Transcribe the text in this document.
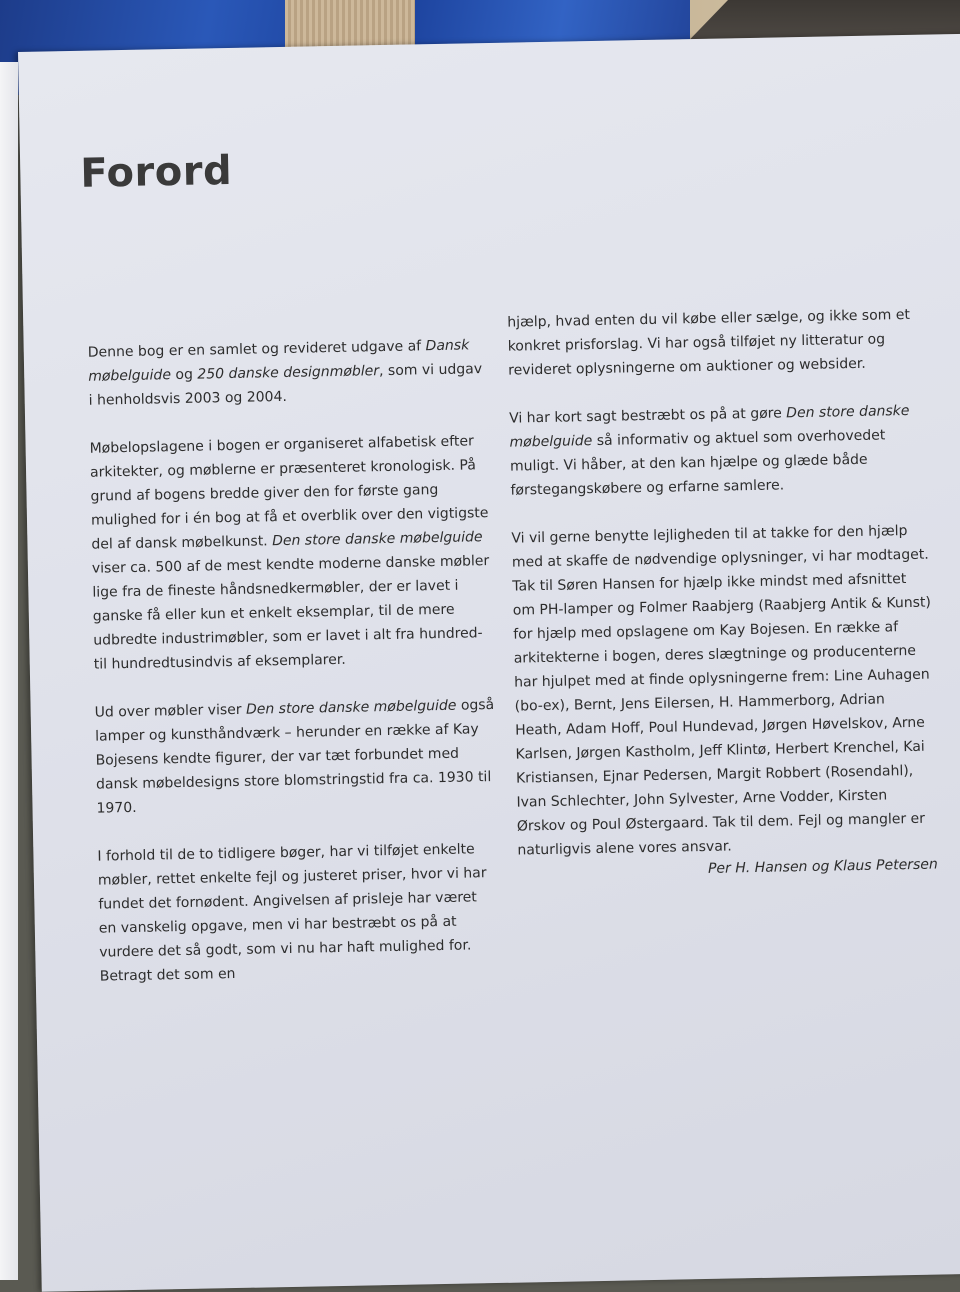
Forord

Denne bog er en samlet og revideret udgave af Dansk møbelguide og 250 danske designmøbler, som vi udgav i henholdsvis 2003 og 2004.

Møbelopslagene i bogen er organiseret alfabetisk efter arkitekter, og møblerne er præsenteret kronologisk. På grund af bogens bredde giver den for første gang mulighed for i én bog at få et overblik over den vigtigste del af dansk møbelkunst. Den store danske møbelguide viser ca. 500 af de mest kendte moderne danske møbler lige fra de fineste håndsnedkermøbler, der er lavet i ganske få eller kun et enkelt eksemplar, til de mere udbredte industrimøbler, som er lavet i alt fra hundred- til hundredtusindvis af eksemplarer.

Ud over møbler viser Den store danske møbelguide også lamper og kunsthåndværk – herunder en række af Kay Bojesens kendte figurer, der var tæt forbundet med dansk møbeldesigns store blomstringstid fra ca. 1930 til 1970.

I forhold til de to tidligere bøger, har vi tilføjet enkelte møbler, rettet enkelte fejl og justeret priser, hvor vi har fundet det fornødent. Angivelsen af prisleje har været en vanskelig opgave, men vi har bestræbt os på at vurdere det så godt, som vi nu har haft mulighed for. Betragt det som en

hjælp, hvad enten du vil købe eller sælge, og ikke som et konkret prisforslag. Vi har også tilføjet ny litteratur og revideret oplysningerne om auktioner og websider.

Vi har kort sagt bestræbt os på at gøre Den store danske møbelguide så informativ og aktuel som overhovedet muligt. Vi håber, at den kan hjælpe og glæde både førstegangskøbere og erfarne samlere.

Vi vil gerne benytte lejligheden til at takke for den hjælp med at skaffe de nødvendige oplysninger, vi har modtaget. Tak til Søren Hansen for hjælp ikke mindst med afsnittet om PH-lamper og Folmer Raabjerg (Raabjerg Antik & Kunst) for hjælp med opslagene om Kay Bojesen. En række af arkitekterne i bogen, deres slægtninge og producenterne har hjulpet med at finde oplysningerne frem: Line Auhagen (bo-ex), Bernt, Jens Eilersen, H. Hammerborg, Adrian Heath, Adam Hoff, Poul Hundevad, Jørgen Høvelskov, Arne Karlsen, Jørgen Kastholm, Jeff Klintø, Herbert Krenchel, Kai Kristiansen, Ejnar Pedersen, Margit Robbert (Rosendahl), Ivan Schlechter, John Sylvester, Arne Vodder, Kirsten Ørskov og Poul Østergaard. Tak til dem. Fejl og mangler er naturligvis alene vores ansvar.

Per H. Hansen og Klaus Petersen
